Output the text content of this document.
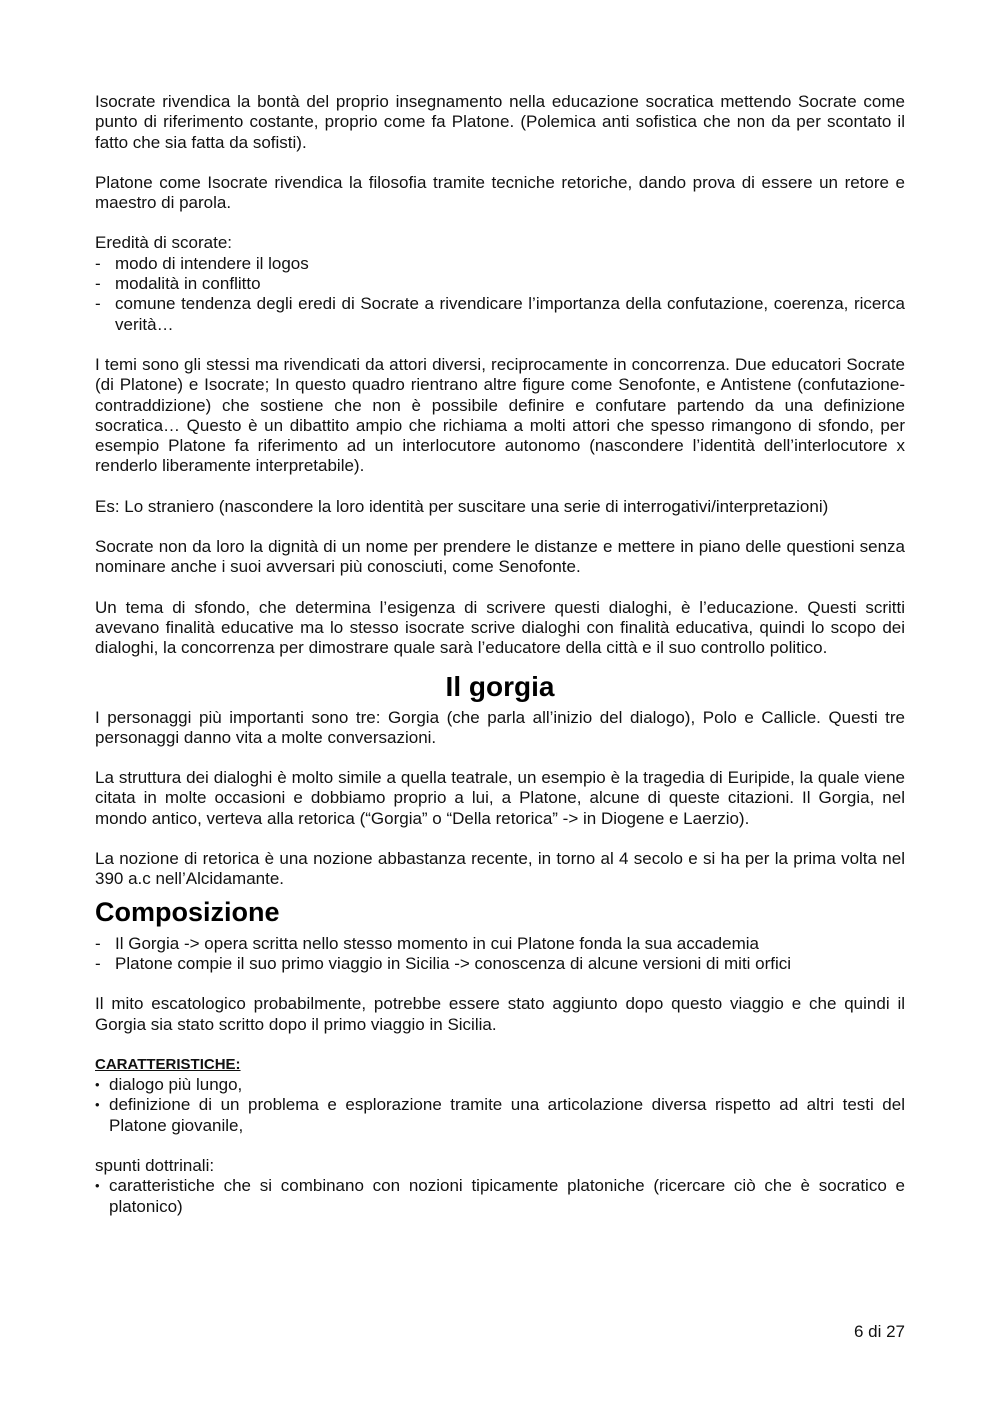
Isocrate rivendica la bontà del proprio insegnamento nella educazione socratica mettendo Socrate come punto di riferimento costante, proprio come fa Platone. (Polemica anti sofistica che non da per scontato il fatto che sia fatta da sofisti).

Platone come Isocrate rivendica la filosofia tramite tecniche retoriche, dando prova di essere un retore e maestro di parola.

Eredità di scorate:

- modo di intendere il logos
- modalità in conflitto
- comune tendenza degli eredi di Socrate a rivendicare l’importanza della confutazione, coerenza, ricerca verità…

I temi sono gli stessi ma rivendicati da attori diversi, reciprocamente in concorrenza. Due educatori Socrate (di Platone) e Isocrate; In questo quadro rientrano altre figure come Senofonte, e Antistene (confutazione-contraddizione) che sostiene che non è possibile definire e confutare partendo da una definizione socratica… Questo è un dibattito ampio che richiama a molti attori che spesso rimangono di sfondo, per esempio Platone fa riferimento ad un interlocutore autonomo (nascondere l’identità dell’interlocutore x renderlo liberamente interpretabile).

Es: Lo straniero (nascondere la loro identità per suscitare una serie di interrogativi/interpretazioni)

Socrate non da loro la dignità di un nome per prendere le distanze e mettere in piano delle questioni senza nominare anche i suoi avversari più conosciuti, come Senofonte.

Un tema di sfondo, che determina l’esigenza di scrivere questi dialoghi, è l’educazione. Questi scritti avevano finalità educative ma lo stesso isocrate scrive dialoghi con finalità educativa, quindi lo scopo dei dialoghi, la concorrenza per dimostrare quale sarà l’educatore della città e il suo controllo politico.

Il gorgia

I personaggi più importanti sono tre: Gorgia (che parla all’inizio del dialogo), Polo e Callicle. Questi tre personaggi danno vita a molte conversazioni.

La struttura dei dialoghi è molto simile a quella teatrale, un esempio è la tragedia di Euripide, la quale viene citata in molte occasioni e dobbiamo proprio a lui, a Platone, alcune di queste citazioni. Il Gorgia, nel mondo antico, verteva alla retorica (“Gorgia” o “Della retorica” -> in Diogene e Laerzio).

La nozione di retorica è una nozione abbastanza recente, in torno al 4 secolo e si ha per la prima volta nel 390 a.c nell’Alcidamante.

Composizione
- Il Gorgia -> opera scritta nello stesso momento in cui Platone fonda la sua accademia
- Platone compie il suo primo viaggio in Sicilia -> conoscenza di alcune versioni di miti orfici

Il mito escatologico probabilmente, potrebbe essere stato aggiunto dopo questo viaggio e che quindi il Gorgia sia stato scritto dopo il primo viaggio in Sicilia.

CARATTERISTICHE:

• dialogo più lungo,
• definizione di un problema e esplorazione tramite una articolazione diversa rispetto ad altri testi del Platone giovanile,

spunti dottrinali:

• caratteristiche che si combinano con nozioni tipicamente platoniche (ricercare ciò che è socratico e platonico)
6 di 27
